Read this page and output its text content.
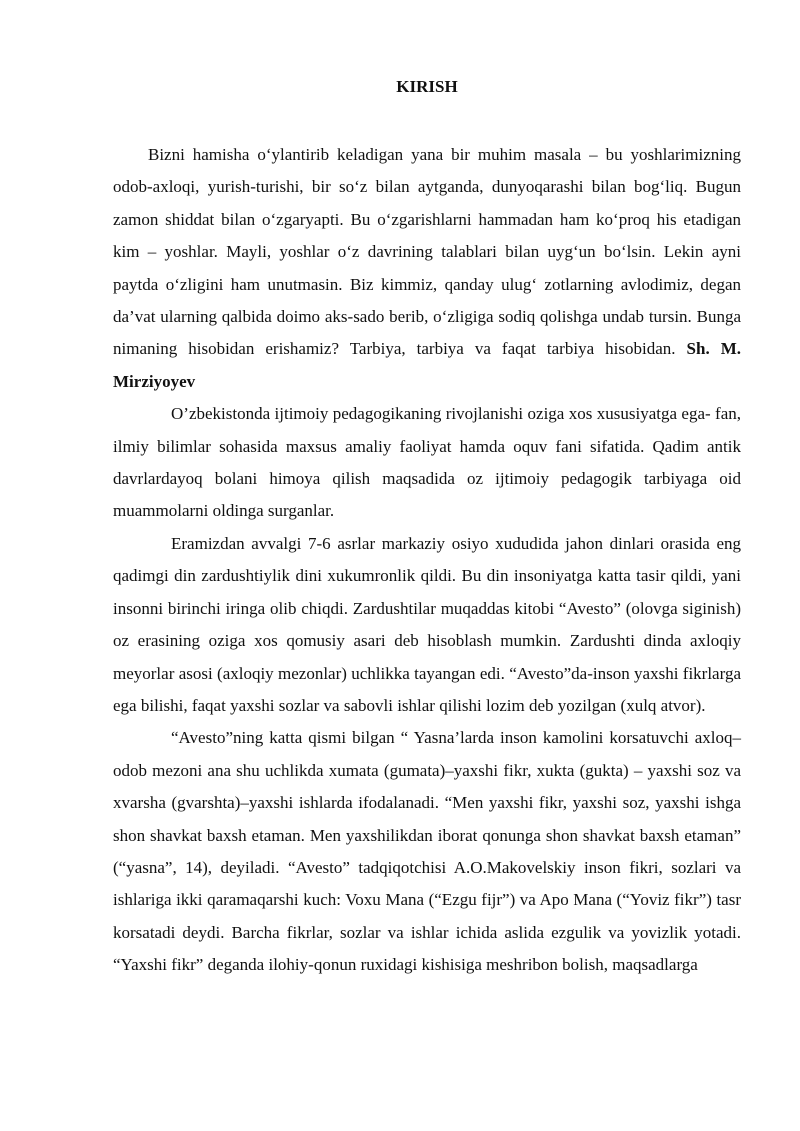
KIRISH

Bizni hamisha o‘ylantirib keladigan yana bir muhim masala – bu yoshlarimizning odob-axloqi, yurish-turishi, bir so‘z bilan aytganda, dunyoqarashi bilan bog‘liq. Bugun zamon shiddat bilan o‘zgaryapti. Bu o‘zgarishlarni hammadan ham ko‘proq his etadigan kim – yoshlar. Mayli, yoshlar o‘z davrining talablari bilan uyg‘un bo‘lsin. Lekin ayni paytda o‘zligini ham unutmasin. Biz kimmiz, qanday ulug‘ zotlarning avlodimiz, degan da’vat ularning qalbida doimo aks-sado berib, o‘zligiga sodiq qolishga undab tursin. Bunga nimaning hisobidan erishamiz? Tarbiya, tarbiya va faqat tarbiya hisobidan. Sh. M. Mirziyoyev

O’zbekistonda ijtimoiy pedagogikaning rivojlanishi oziga xos xususiyatga ega- fan, ilmiy bilimlar sohasida maxsus amaliy faoliyat hamda oquv fani sifatida. Qadim antik davrlardayoq bolani himoya qilish maqsadida oz ijtimoiy pedagogik tarbiyaga oid muammolarni oldinga surganlar.

Eramizdan avvalgi 7-6 asrlar markaziy osiyo xududida jahon dinlari orasida eng qadimgi din zardushtiylik dini xukumronlik qildi. Bu din insoniyatga katta tasir qildi, yani insonni birinchi iringa olib chiqdi. Zardushtilar muqaddas kitobi “Avesto” (olovga siginish) oz erasining oziga xos qomusiy asari deb hisoblash mumkin. Zardushti dinda axloqiy meyorlar asosi (axloqiy mezonlar) uchlikka tayangan edi. “Avesto”da-inson yaxshi fikrlarga ega bilishi, faqat yaxshi sozlar va sabovli ishlar qilishi lozim deb yozilgan (xulq atvor).

“Avesto”ning katta qismi bilgan “ Yasna’larda inson kamolini korsatuvchi axloq–odob mezoni ana shu uchlikda xumata (gumata)–yaxshi fikr, xukta (gukta) – yaxshi soz va xvarsha (gvarshta)–yaxshi ishlarda ifodalanadi. “Men yaxshi fikr, yaxshi soz, yaxshi ishga shon shavkat baxsh etaman. Men yaxshilikdan iborat qonunga shon shavkat baxsh etaman” (“yasna”, 14), deyiladi. “Avesto” tadqiqotchisi A.O.Makovelskiy inson fikri, sozlari va ishlariga ikki qaramaqarshi kuch: Voxu Mana (“Ezgu fijr”) va Apo Mana (“Yoviz fikr”) tasr korsatadi deydi. Barcha fikrlar, sozlar va ishlar ichida aslida ezgulik va yovizlik yotadi. “Yaxshi fikr” deganda ilohiy-qonun ruxidagi kishisiga meshribon bolish, maqsadlarga
